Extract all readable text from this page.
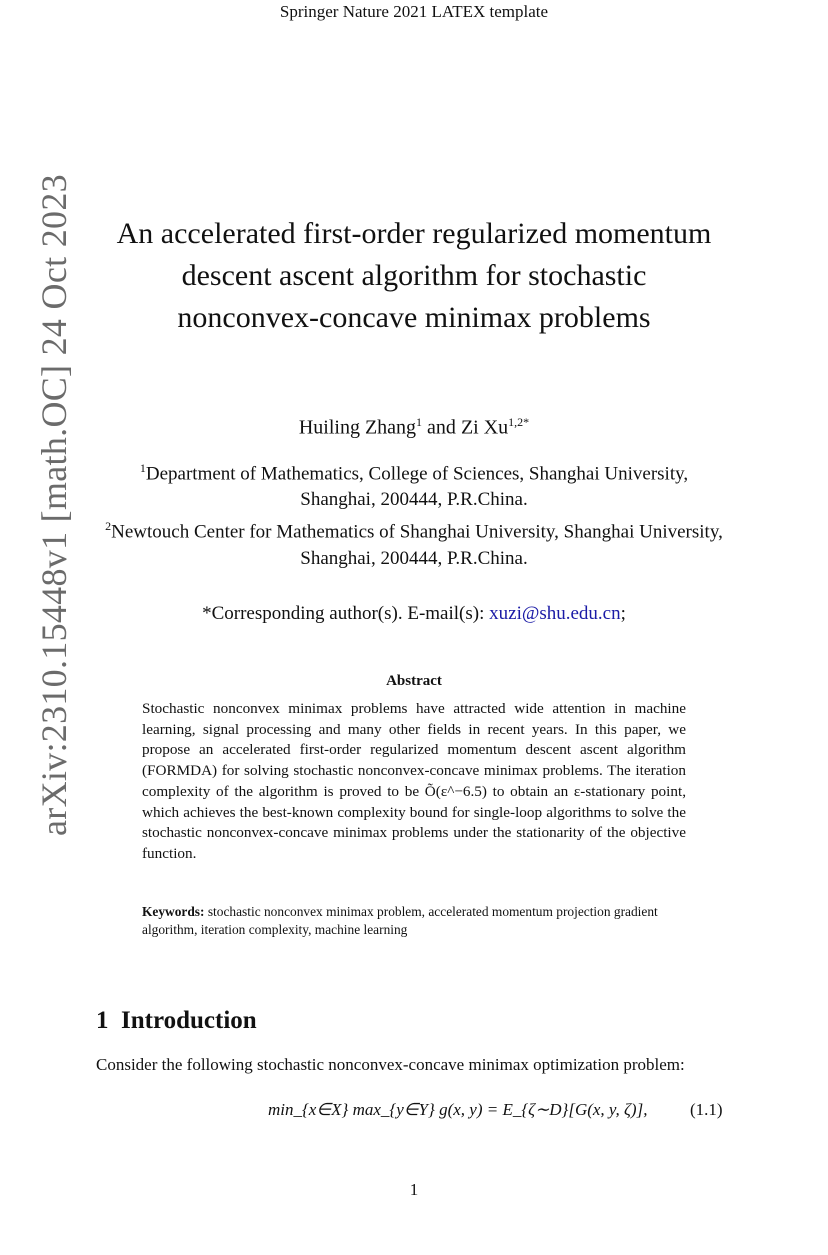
Springer Nature 2021 LATEX template
arXiv:2310.15448v1 [math.OC] 24 Oct 2023 An accelerated first-order regularized momentum descent ascent algorithm for stochastic nonconvex-concave minimax problems
Huiling Zhang$^1$ and Zi $Xu^{1,2*}$
$^1$Department of Mathematics, College of Sciences, Shanghai University, Shanghai, 200444, P.R.China.
$^2$Newtouch Center for Mathematics of Shanghai University, Shanghai University, Shanghai, 200444, P.R.China.
*Corresponding author(s). E-mail(s): xuzi@shu.edu.cn;
Abstract
Stochastic nonconvex minimax problems have attracted wide attention in machine learning, signal processing and many other fields in recent years. In this paper, we propose an accelerated first-order regularized momentum descent ascent algorithm (FORMDA) for solving stochastic nonconvex-concave minimax problems. The iteration complexity of the algorithm is proved to be Õ(ε^−6.5) to obtain an ε-stationary point, which achieves the best-known complexity bound for single-loop algorithms to solve the stochastic nonconvex-concave minimax problems under the stationarity of the objective function.
Keywords: stochastic nonconvex minimax problem, accelerated momentum projection gradient algorithm, iteration complexity, machine learning
1 Introduction
Consider the following stochastic nonconvex-concave minimax optimization problem:
min_{x∈X} max_{y∈Y} g(x, y) = E_{ζ∼D}[G(x, y, ζ)],	(1.1)
1
